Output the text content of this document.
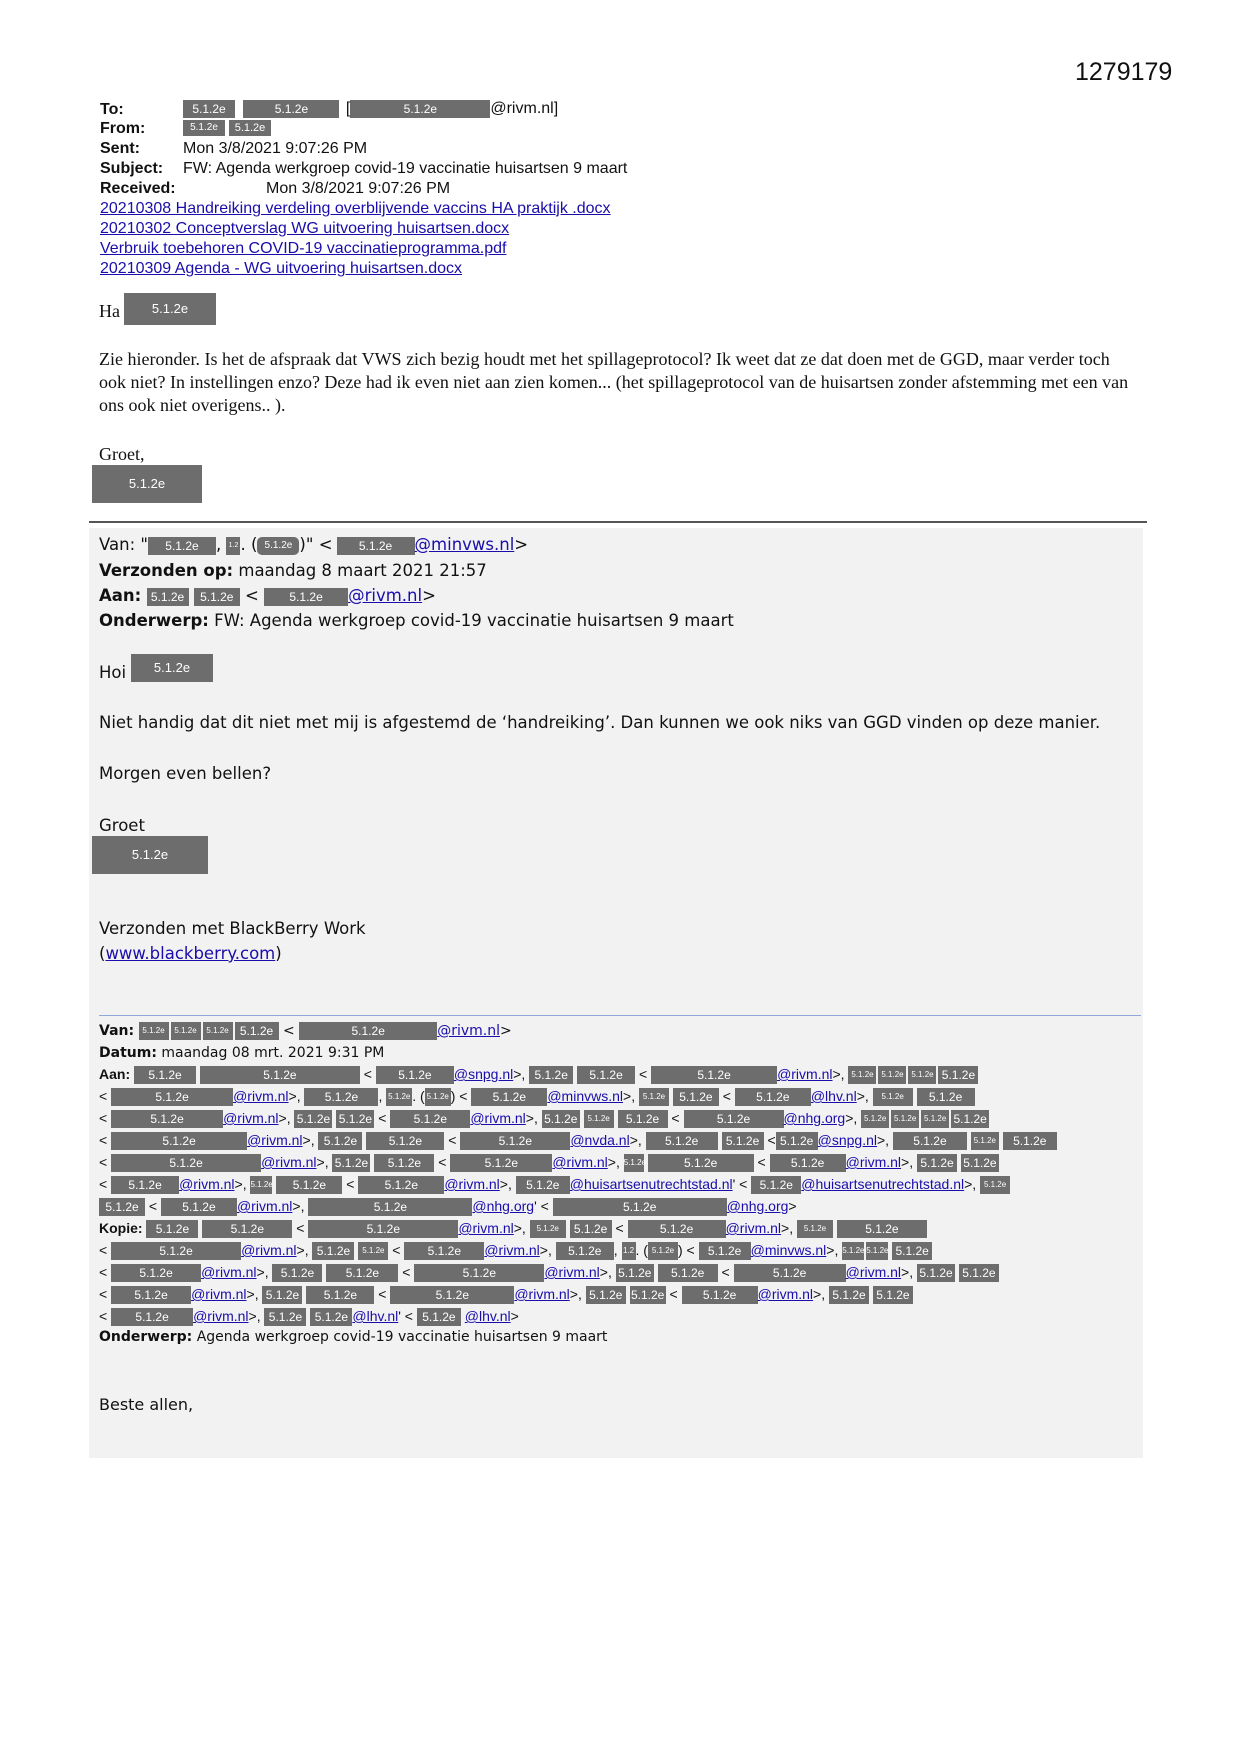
1279179
To:	5.1.2e	5.1.2e [	5.1.2e	@rivm.nl]
From:	5.1.2e 5.1.2e
Sent:	Mon 3/8/2021 9:07:26 PM
Subject: FW: Agenda werkgroep covid-19 vaccinatie huisartsen 9 maart
Received:	Mon 3/8/2021 9:07:26 PM
20210308 Handreiking verdeling overblijvende vaccins HA praktijk .docx
20210302 Conceptverslag WG uitvoering huisartsen.docx
Verbruik toebehoren COVID-19 vaccinatieprogramma.pdf
20210309 Agenda - WG uitvoering huisartsen.docx
Ha	5.1.2e
Zie hieronder. Is het de afspraak dat VWS zich bezig houdt met het spillageprotocol? Ik weet dat ze dat doen met de GGD, maar verder toch ook niet? In instellingen enzo? Deze had ik even niet aan zien komen... (het spillageprotocol van de huisartsen zonder afstemming met een van ons ook niet overigens.. ).
Groet,
5.1.2e
Van: " 5.1.2e , 1.2 . ( 5.1.2e )" < 5.1.2e @minvws.nl>
Verzonden op: maandag 8 maart 2021 21:57
Aan: 5.1.2e 5.1.2e < 5.1.2e @rivm.nl>
Onderwerp: FW: Agenda werkgroep covid-19 vaccinatie huisartsen 9 maart
Hoi	5.1.2e
Niet handig dat dit niet met mij is afgestemd de ‘handreiking’. Dan kunnen we ook niks van GGD vinden op deze manier.
Morgen even bellen?
Groet
5.1.2e
Verzonden met BlackBerry Work
(www.blackberry.com)
Van: 5.1.2e 5.1.2e 5.1.2e 5.1.2e <	5.1.2e	@rivm.nl>
Datum: maandag 08 mrt. 2021 9:31 PM
Aan: 5.1.2e	5.1.2e	< 5.1.2e @snpg.nl>, 5.1.2e 5.1.2e <	5.1.2e	@rivm.nl>, 5.1.2e 5.1.2e 5.1.2e 5.1.2e
<	5.1.2e	@rivm.nl>, 5.1.2e , 5.1.2e . ( 5.1.2e ) < 5.1.2e @minvws.nl>, 5.1.2e 5.1.2e < 5.1.2e @lhv.nl>, 5.1.2e 5.1.2e
<	5.1.2e	@rivm.nl>, 5.1.2e 5.1.2e < 5.1.2e @rivm.nl>, 5.1.2e 5.1.2e 5.1.2e <	5.1.2e @nhg.org>, 5.1.2e 5.1.2e 5.1.2e 5.1.2e
<	5.1.2e	@rivm.nl>, 5.1.2e	5.1.2e <	5.1.2e	@nvda.nl>, 5.1.2e 5.1.2e < 5.1.2e @snpg.nl>, 5.1.2e	5.1.2e 5.1.2e
<	5.1.2e	@rivm.nl>, 5.1.2e 5.1.2e <	5.1.2e @rivm.nl>, 5.1.2e	5.1.2e	< 5.1.2e @rivm.nl>, 5.1.2e 5.1.2e
< 5.1.2e @rivm.nl>, 5.1.2e 5.1.2e < 5.1.2e @rivm.nl>, 5.1.2e @huisartsenutrechtstad.nl' < 5.1.2e @huisartsenutrechtstad.nl>, 5.1.2e
5.1.2e < 5.1.2e @rivm.nl>,	5.1.2e	@nhg.org' <	5.1.2e	@nhg.org>
Kopie: 5.1.2e	5.1.2e <	5.1.2e	@rivm.nl>, 5.1.2e 5.1.2e <	5.1.2e @rivm.nl>, 5.1.2e	5.1.2e
<	5.1.2e	@rivm.nl>, 5.1.2e 5.1.2e < 5.1.2e @rivm.nl>, 5.1.2e , 1.2. ( 5.1.2e ) < 5.1.2e @minvws.nl>, 5.1.2e 5.1.2e 5.1.2e
< 5.1.2e @rivm.nl>, 5.1.2e	5.1.2e <	5.1.2e	@rivm.nl>, 5.1.2e 5.1.2e <	5.1.2e	@rivm.nl>, 5.1.2e 5.1.2e
< 5.1.2e @rivm.nl>, 5.1.2e 5.1.2e <	5.1.2e	@rivm.nl>, 5.1.2e 5.1.2e < 5.1.2e @rivm.nl>, 5.1.2e 5.1.2e
< 5.1.2e @rivm.nl>, 5.1.2e 5.1.2e @lhv.nl' < 5.1.2e @lhv.nl>
Onderwerp: Agenda werkgroep covid-19 vaccinatie huisartsen 9 maart
Beste allen,
